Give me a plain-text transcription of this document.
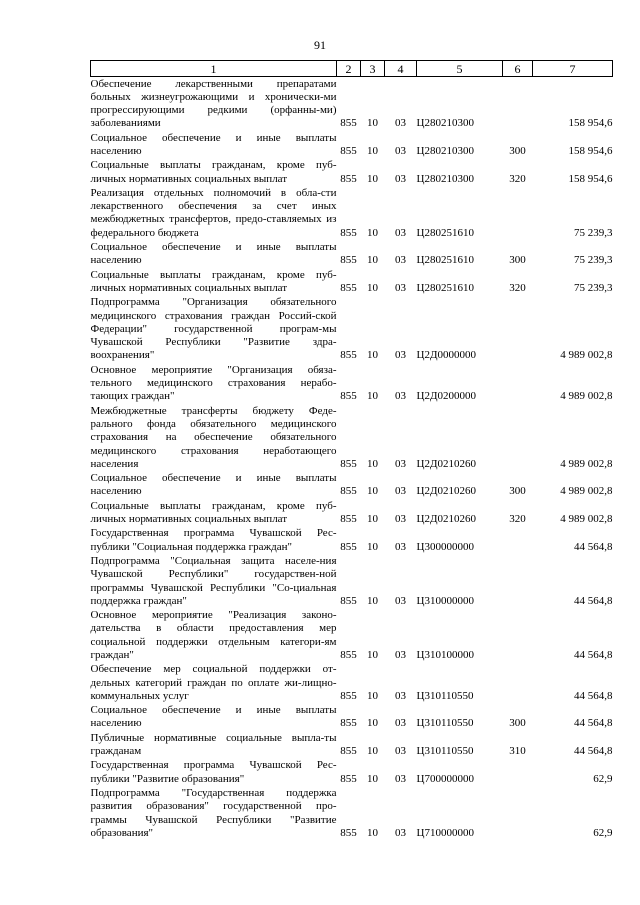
91
1	2	3	4	5	6	7

Обеспечение лекарственными препаратами больных жизнеугрожающими и хронически-ми прогрессирующими редкими (орфанны-ми) заболеваниями	855	10	03	Ц280210300		158 954,6

Социальное обеспечение и иные выплаты населению	855	10	03	Ц280210300	300	158 954,6

Социальные выплаты гражданам, кроме пуб-личных нормативных социальных выплат	855	10	03	Ц280210300	320	158 954,6

Реализация отдельных полномочий в обла-сти лекарственного обеспечения за счет иных межбюджетных трансфертов, предо-ставляемых из федерального бюджета	855	10	03	Ц280251610		75 239,3

Социальное обеспечение и иные выплаты населению	855	10	03	Ц280251610	300	75 239,3

Социальные выплаты гражданам, кроме пуб-личных нормативных социальных выплат	855	10	03	Ц280251610	320	75 239,3

Подпрограмма "Организация обязательного медицинского страхования граждан Россий-ской Федерации" государственной програм-мы Чувашской Республики "Развитие здра-воохранения"	855	10	03	Ц2Д0000000		4 989 002,8

Основное мероприятие "Организация обяза-тельного медицинского страхования нерабо-тающих граждан"	855	10	03	Ц2Д0200000		4 989 002,8

Межбюджетные трансферты бюджету Феде-рального фонда обязательного медицинского страхования на обеспечение обязательного медицинского страхования неработающего населения	855	10	03	Ц2Д0210260		4 989 002,8

Социальное обеспечение и иные выплаты населению	855	10	03	Ц2Д0210260	300	4 989 002,8

Социальные выплаты гражданам, кроме пуб-личных нормативных социальных выплат	855	10	03	Ц2Д0210260	320	4 989 002,8

Государственная программа Чувашской Рес-публики "Социальная поддержка граждан"	855	10	03	Ц300000000		44 564,8

Подпрограмма "Социальная защита населе-ния Чувашской Республики" государствен-ной программы Чувашской Республики "Со-циальная поддержка граждан"	855	10	03	Ц310000000		44 564,8

Основное мероприятие "Реализация законо-дательства в области предоставления мер социальной поддержки отдельным категори-ям граждан"	855	10	03	Ц310100000		44 564,8

Обеспечение мер социальной поддержки от-дельных категорий граждан по оплате жи-лищно-коммунальных услуг	855	10	03	Ц310110550		44 564,8

Социальное обеспечение и иные выплаты населению	855	10	03	Ц310110550	300	44 564,8

Публичные нормативные социальные выпла-ты гражданам	855	10	03	Ц310110550	310	44 564,8

Государственная программа Чувашской Рес-публики "Развитие образования"	855	10	03	Ц700000000		62,9

Подпрограмма "Государственная поддержка развития образования" государственной про-граммы Чувашской Республики "Развитие образования"	855	10	03	Ц710000000		62,9
